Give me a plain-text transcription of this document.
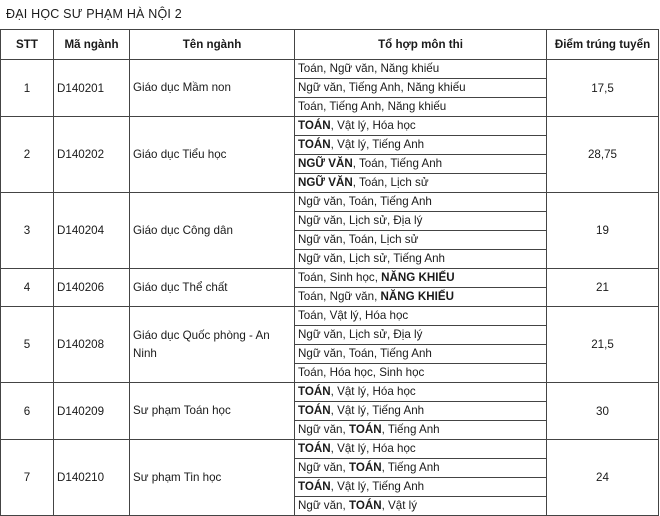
ĐẠI HỌC SƯ PHẠM HÀ NỘI 2
STT	Mã ngành	Tên ngành	Tổ hợp môn thi	Điểm trúng tuyển
1	D140201	Giáo dục Mầm non	Toán, Ngữ văn, Năng khiếu	17,5
			Ngữ văn, Tiếng Anh, Năng khiếu	
			Toán, Tiếng Anh, Năng khiếu	
2	D140202	Giáo dục Tiểu học	TOÁN, Vật lý, Hóa học	28,75
			TOÁN, Vật lý, Tiếng Anh	
			NGỮ VĂN, Toán, Tiếng Anh	
			NGỮ VĂN, Toán, Lịch sử	
3	D140204	Giáo dục Công dân	Ngữ văn, Toán, Tiếng Anh	19
			Ngữ văn, Lịch sử, Địa lý	
			Ngữ văn, Toán, Lịch sử	
			Ngữ văn, Lịch sử, Tiếng Anh	
4	D140206	Giáo dục Thể chất	Toán, Sinh học, NĂNG KHIẾU	21
			Toán, Ngữ văn, NĂNG KHIẾU	
5	D140208	Giáo dục Quốc phòng - An Ninh	Toán, Vật lý, Hóa học	21,5
			Ngữ văn, Lịch sử, Địa lý	
			Ngữ văn, Toán, Tiếng Anh	
			Toán, Hóa học, Sinh học	
6	D140209	Sư phạm Toán học	TOÁN, Vật lý, Hóa học	30
			TOÁN, Vật lý, Tiếng Anh	
			Ngữ văn, TOÁN, Tiếng Anh	
7	D140210	Sư phạm Tin học	TOÁN, Vật lý, Hóa học	24
			Ngữ văn, TOÁN, Tiếng Anh	
			TOÁN, Vật lý, Tiếng Anh	
			Ngữ văn, TOÁN, Vật lý	
